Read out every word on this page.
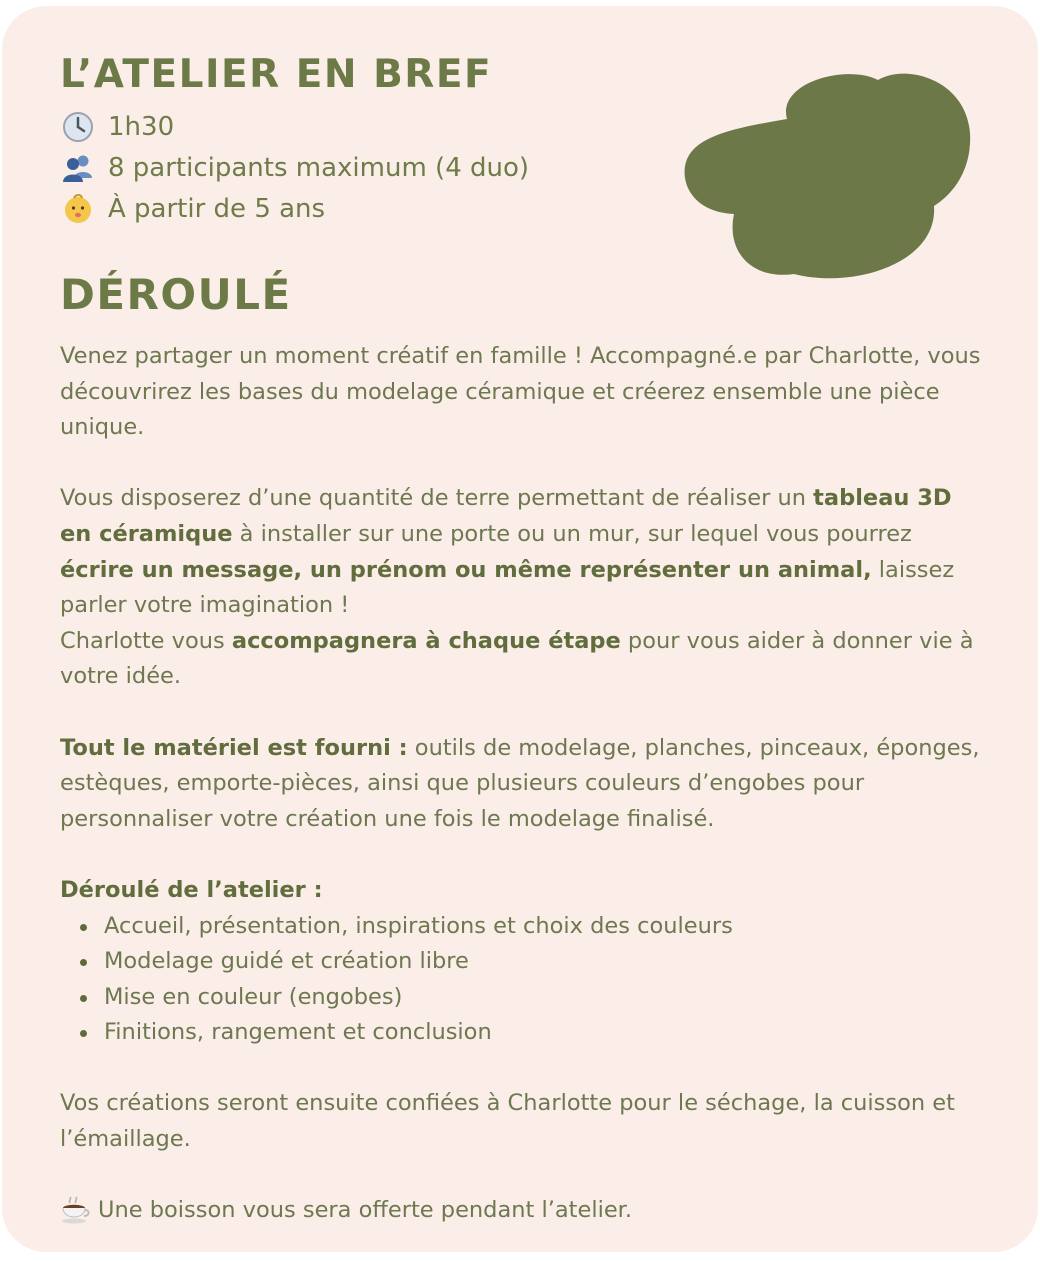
L’ATELIER EN BREF
1h30
8 participants maximum (4 duo)
À partir de 5 ans
DÉROULÉ

Venez partager un moment créatif en famille ! Accompagné.e par Charlotte, vous découvrirez les bases du modelage céramique et créerez ensemble une pièce unique.

Vous disposerez d’une quantité de terre permettant de réaliser un tableau 3D en céramique à installer sur une porte ou un mur, sur lequel vous pourrez écrire un message, un prénom ou même représenter un animal, laissez parler votre imagination !

Charlotte vous accompagnera à chaque étape pour vous aider à donner vie à votre idée.

Tout le matériel est fourni : outils de modelage, planches, pinceaux, éponges, estèques, emporte-pièces, ainsi que plusieurs couleurs d’engobes pour personnaliser votre création une fois le modelage finalisé.

Déroulé de l’atelier :

Accueil, présentation, inspirations et choix des couleurs
Modelage guidé et création libre
Mise en couleur (engobes)
Finitions, rangement et conclusion

Vos créations seront ensuite confiées à Charlotte pour le séchage, la cuisson et l’émaillage.

Une boisson vous sera offerte pendant l’atelier.
